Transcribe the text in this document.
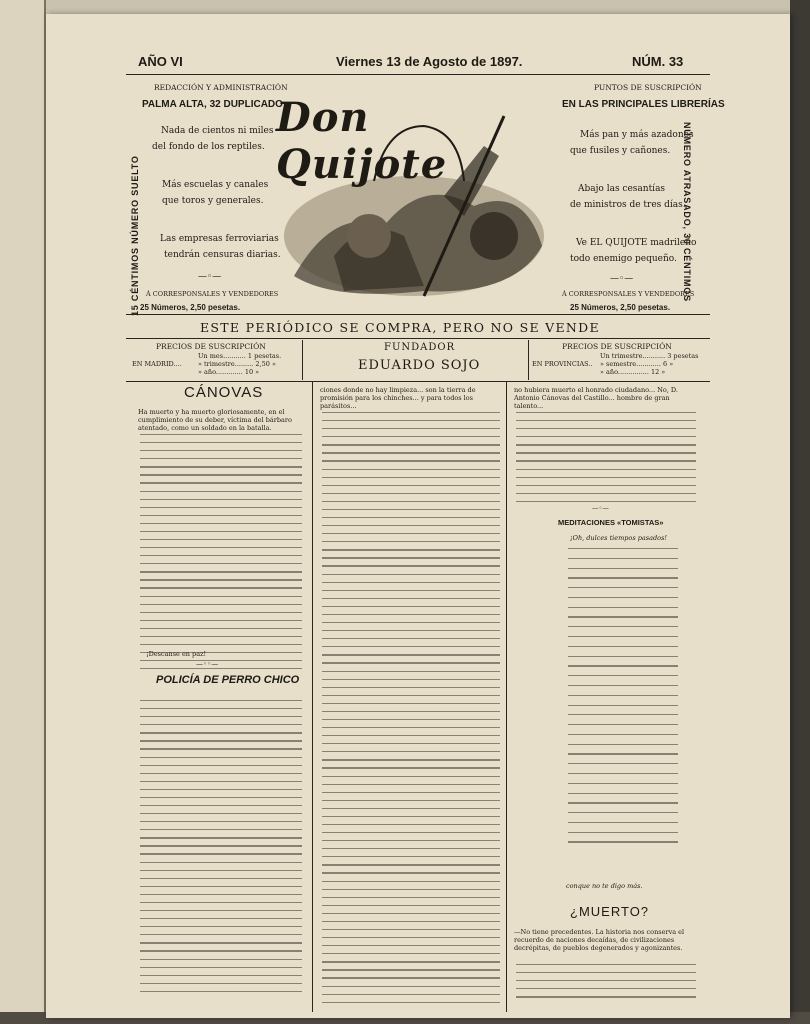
AÑO VI	Viernes 13 de Agosto de 1897.	NÚM. 33
REDACCIÓN Y ADMINISTRACIÓN
PALMA ALTA, 32 DUPLICADO
15 CÉNTIMOS NÚMERO SUELTO
Nada de cientos ni miles
del fondo de los reptiles.
Más escuelas y canales
que toros y generales.
Las empresas ferroviarias
tendrán censuras diarias.
—◦—
Á CORRESPONSALES Y VENDEDORES
25 Números, 2,50 pesetas.
PUNTOS DE SUSCRIPCIÓN
EN LAS PRINCIPALES LIBRERÍAS
NÚMERO ATRASADO, 30 CÉNTIMOS
Más pan y más azadones
que fusiles y cañones.
Abajo las cesantías
de ministros de tres días.
Ve EL QUIJOTE madrileño
todo enemigo pequeño.
—◦—
Á CORRESPONSALES Y VENDEDORES
25 Números, 2,50 pesetas.
Don Quijote
ESTE PERIÓDICO SE COMPRA, PERO NO SE VENDE
PRECIOS DE SUSCRIPCIÓN
EN MADRID....
Un mes........... 1 pesetas.
» trimestre......... 2,50 »
» año............. 10 »
FUNDADOR
EDUARDO SOJO
PRECIOS DE SUSCRIPCIÓN
EN PROVINCIAS..
Un trimestre........... 3 pesetas
» semestre............ 6 »
» año............... 12 »
CÁNOVAS
Ha muerto y ha muerto gloriosamente, en el cumplimiento de su deber, víctima del bárbaro atentado, como un soldado en la batalla.
¡Descanse en paz!
—◦◦—
POLICÍA DE PERRO CHICO
ciones donde no hay limpieza... son la tierra de promisión para los chinches... y para todos los parásitos...
no hubiera muerto el honrado ciudadano... No, D. Antonio Cánovas del Castillo... hombre de gran talento...
—◦—
MEDITACIONES «TOMISTAS»
¡Oh, dulces tiempos pasados!
conque no te digo más.
¿MUERTO?
—No tiene precedentes. La historia nos conserva el recuerdo de naciones decaídas, de civilizaciones decrépitas, de pueblos degenerados y agonizantes.
